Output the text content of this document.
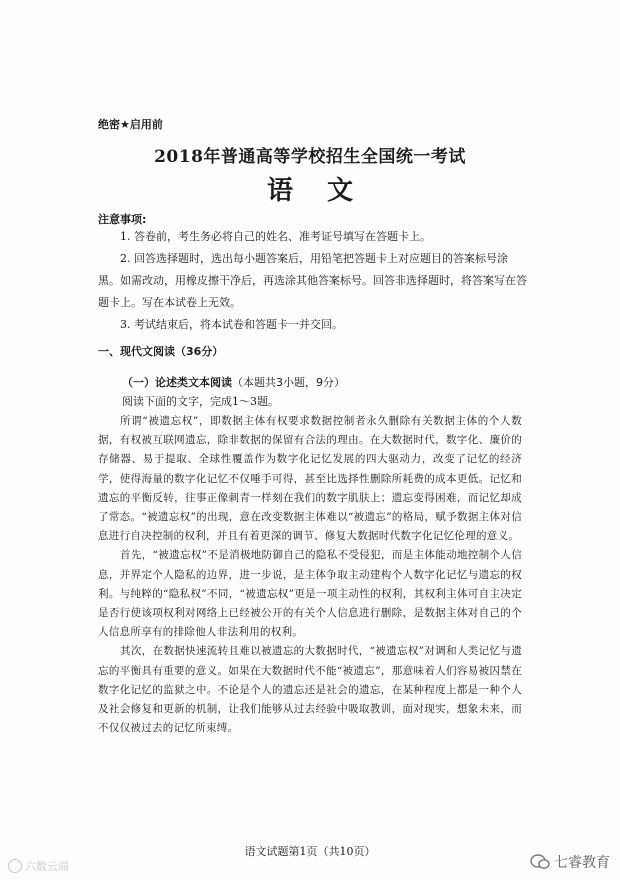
绝密★启用前
2018年普通高等学校招生全国统一考试
语文
注意事项:

1. 答卷前，考生务必将自己的姓名、准考证号填写在答题卡上。

2. 回答选择题时，选出每小题答案后，用铅笔把答题卡上对应题目的答案标号涂黑。如需改动，用橡皮擦干净后，再选涂其他答案标号。回答非选择题时，将答案写在答题卡上。写在本试卷上无效。

3. 考试结束后，将本试卷和答题卡一并交回。

一、现代文阅读（36分）
（一）论述类文本阅读（本题共3小题，9分）
阅读下面的文字，完成1～3题。

所谓“被遗忘权”，即数据主体有权要求数据控制者永久删除有关数据主体的个人数据，有权被互联网遗忘，除非数据的保留有合法的理由。在大数据时代，数字化、廉价的存储器、易于提取、全球性覆盖作为数字化记忆发展的四大驱动力，改变了记忆的经济学，使得海量的数字化记忆不仅唾手可得，甚至比选择性删除所耗费的成本更低。记忆和遗忘的平衡反转，往事正像刺青一样刻在我们的数字肌肤上；遗忘变得困难，而记忆却成了常态。“被遗忘权”的出现，意在改变数据主体难以“被遗忘”的格局，赋予数据主体对信息进行自决控制的权利，并且有着更深的调节、修复大数据时代数字化记忆伦理的意义。

首先，“被遗忘权”不是消极地防御自己的隐私不受侵犯，而是主体能动地控制个人信息，并界定个人隐私的边界，进一步说，是主体争取主动建构个人数字化记忆与遗忘的权利。与纯粹的“隐私权”不同，“被遗忘权”更是一项主动性的权利，其权利主体可自主决定是否行使该项权利对网络上已经被公开的有关个人信息进行删除，是数据主体对自己的个人信息所享有的排除他人非法利用的权利。

其次，在数据快速流转且难以被遗忘的大数据时代，“被遗忘权”对调和人类记忆与遗忘的平衡具有重要的意义。如果在大数据时代不能“被遗忘”，那意味着人们容易被囚禁在数字化记忆的监狱之中。不论是个人的遗忘还是社会的遗忘，在某种程度上都是一种个人及社会修复和更新的机制，让我们能够从过去经验中吸取教训，面对现实，想象未来，而不仅仅被过去的记忆所束缚。

语文试题第1页（共10页）
六数云端	七睿教育
